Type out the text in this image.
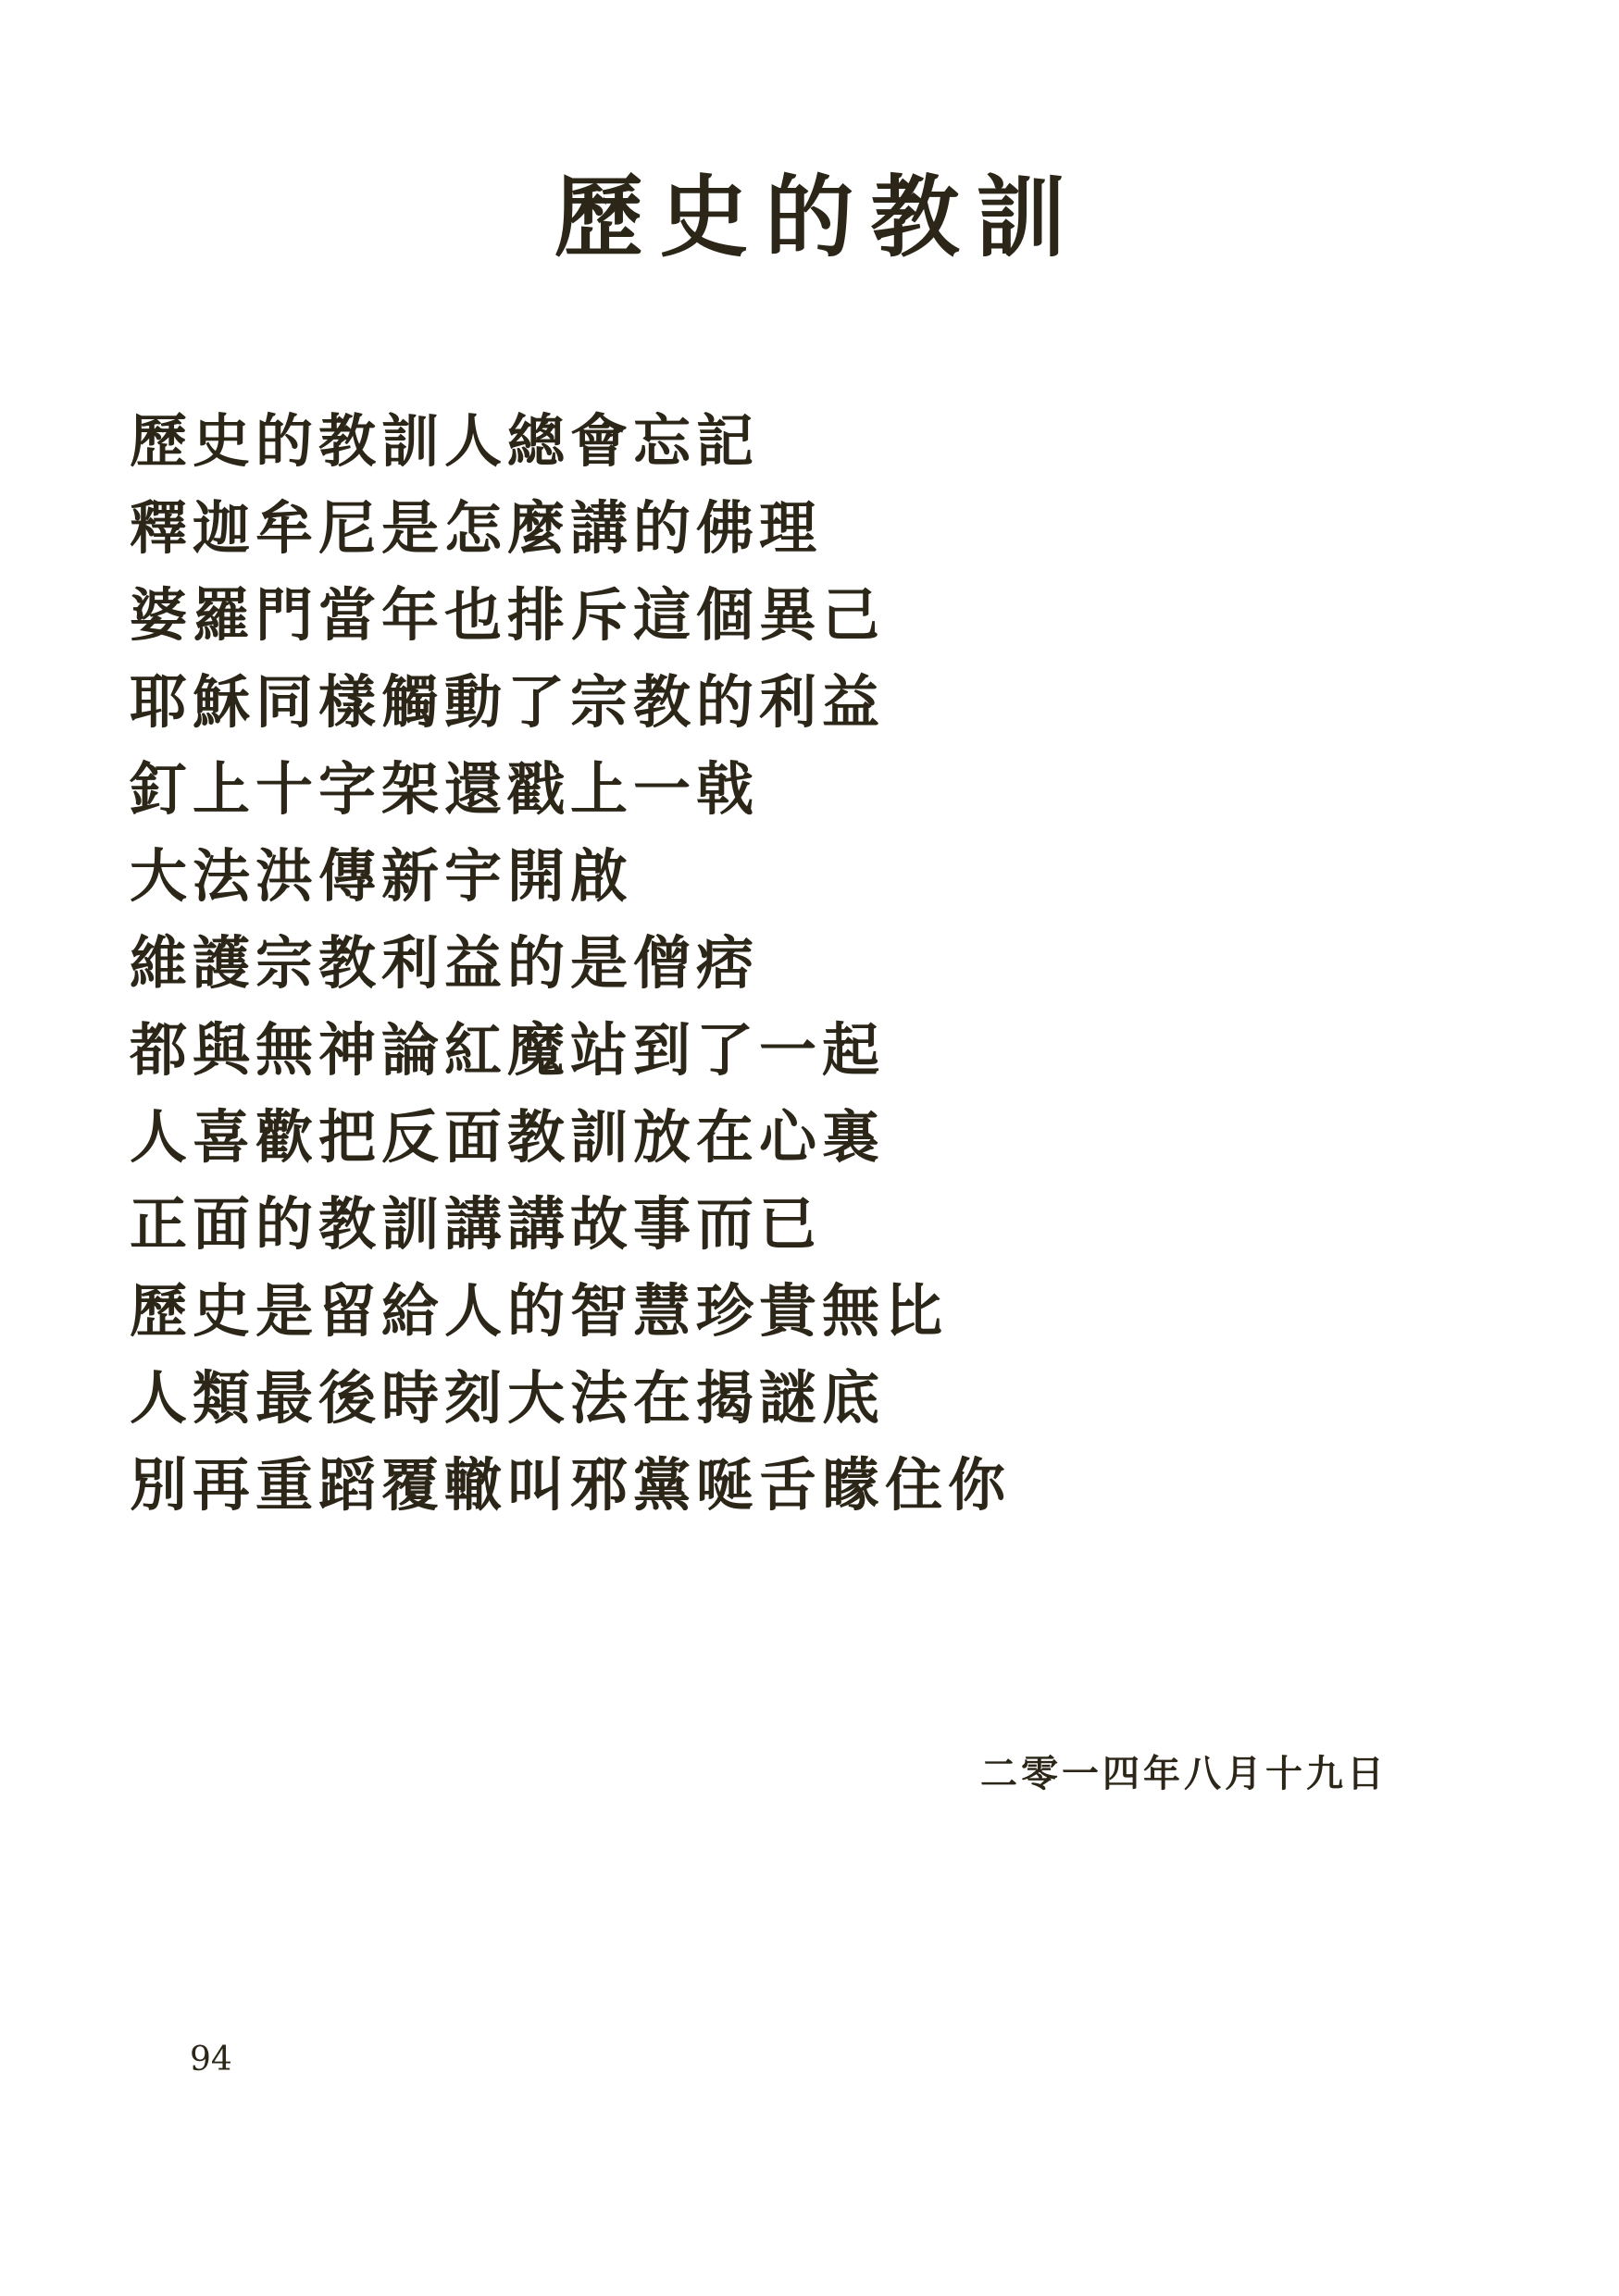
歷史的教訓
歷史的教訓人總會忘記
釋迦牟尼是怎麼講的佛理
婆羅門當年也排斥這個異己
耶穌同樣觸動了宗教的利益
釘上十字架還戳上一戟
大法洪傳新宇開啟
維護宗教利益的是僧痞
都與無神論紅魔站到了一起
人喜歡把反面教訓放在心裏
正面的教訓講講故事而已
歷史是留給人的智慧珍貴無比
人類最後時刻大法在揭謎底
別再重蹈覆轍叫邪黨唌舌矇住你
二零一四年八月十九日
94
